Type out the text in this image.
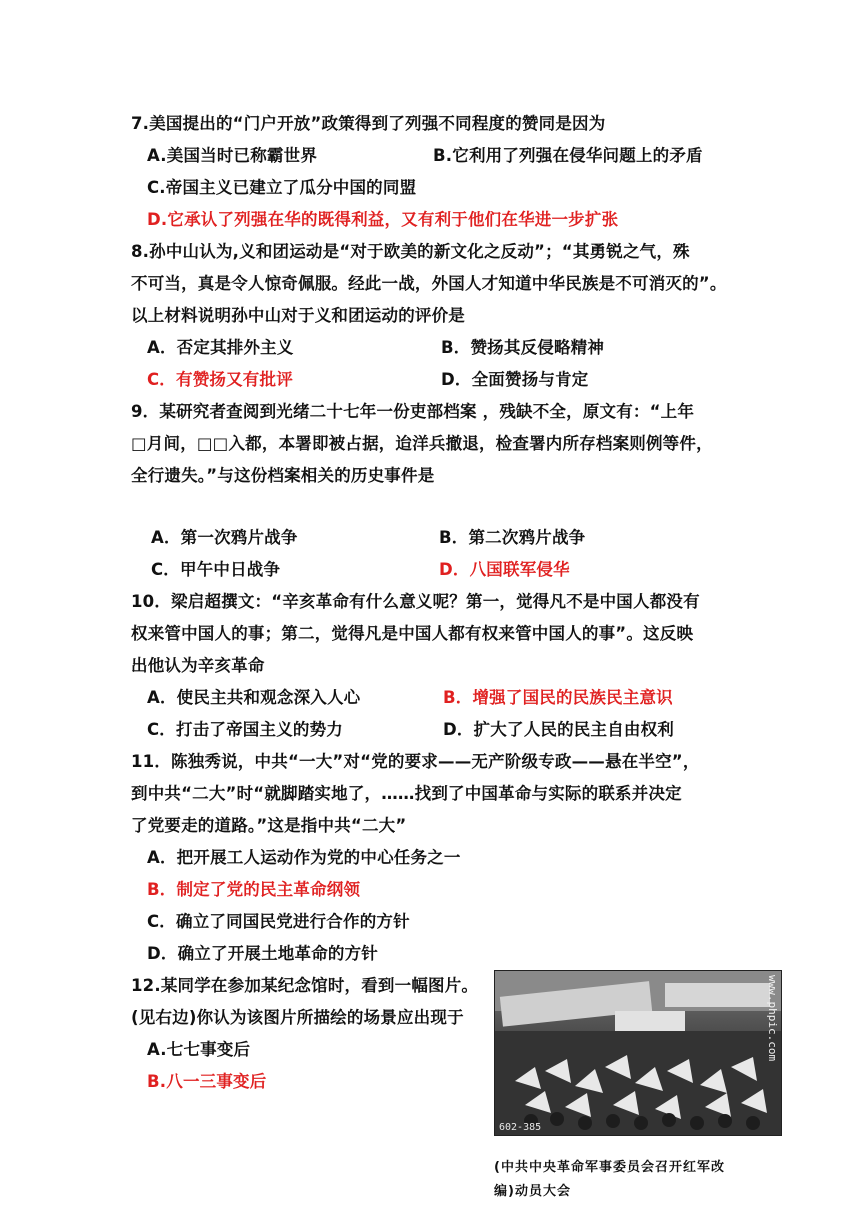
7.美国提出的“门户开放”政策得到了列强不同程度的赞同是因为
A.美国当时已称霸世界	B.它利用了列强在侵华问题上的矛盾
C.帝国主义已建立了瓜分中国的同盟
D.它承认了列强在华的既得利益，又有利于他们在华进一步扩张
8.孙中山认为,义和团运动是“对于欧美的新文化之反动”；“其勇锐之气，殊
不可当，真是令人惊奇佩服。经此一战，外国人才知道中华民族是不可消灭的”。
以上材料说明孙中山对于义和团运动的评价是
A．否定其排外主义	B．赞扬其反侵略精神
C．有赞扬又有批评	D．全面赞扬与肯定
9．某研究者查阅到光绪二十七年一份吏部档案 ，残缺不全，原文有：“上年
□月间，□□入都，本署即被占据，迨洋兵撤退，检查署内所存档案则例等件，
全行遗失。”与这份档案相关的历史事件是
A．第一次鸦片战争	B．第二次鸦片战争
C．甲午中日战争	D．八国联军侵华
10．梁启超撰文：“辛亥革命有什么意义呢？第一，觉得凡不是中国人都没有
权来管中国人的事；第二，觉得凡是中国人都有权来管中国人的事”。这反映
出他认为辛亥革命
A．使民主共和观念深入人心	B．增强了国民的民族民主意识
C．打击了帝国主义的势力	D．扩大了人民的民主自由权利
11．陈独秀说，中共“一大”对“党的要求——无产阶级专政——悬在半空”，
到中共“二大”时“就脚踏实地了，……找到了中国革命与实际的联系并决定
了党要走的道路。”这是指中共“二大”
A．把开展工人运动作为党的中心任务之一
B．制定了党的民主革命纲领
C．确立了同国民党进行合作的方针
D．确立了开展土地革命的方针
12.某同学在参加某纪念馆时，看到一幅图片。
(见右边)你认为该图片所描绘的场景应出现于
A.七七事变后
B.八一三事变后
602-385
www.phpic.com
(中共中央革命军事委员会召开红军改
编)动员大会
